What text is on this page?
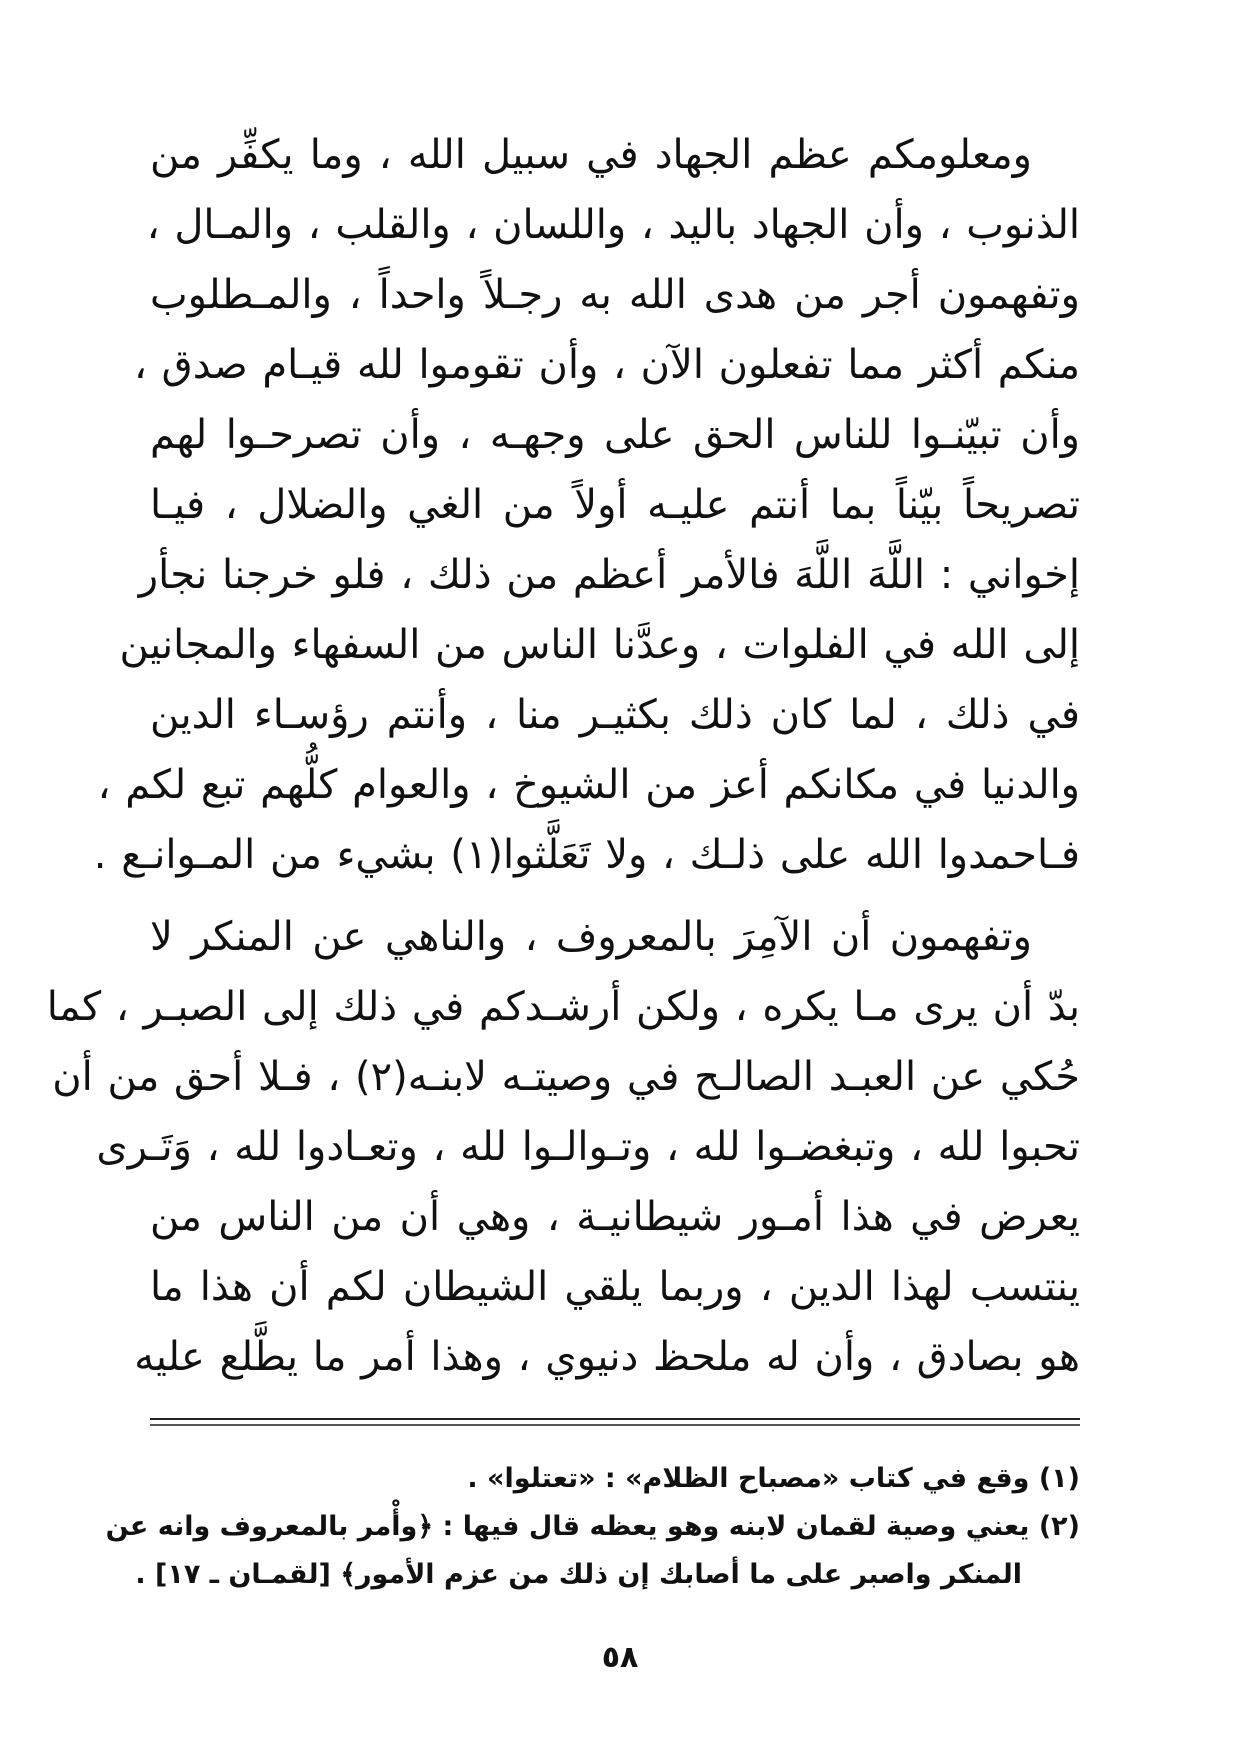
ومعلومكم عظم الجهاد في سبيل الله ، وما يكفِّر من
الذنوب ، وأن الجهاد باليد ، واللسان ، والقلب ، والمـال ،
وتفهمون أجر من هدى الله به رجـلاً واحداً ، والمـطلوب
منكم أكثر مما تفعلون الآن ، وأن تقوموا لله قيـام صدق ،
وأن تبيّنـوا للناس الحق على وجهـه ، وأن تصرحـوا لهم
تصريحاً بيّناً بما أنتم عليـه أولاً من الغي والضلال ، فيـا
إخواني : اللَّهَ اللَّهَ فالأمر أعظم من ذلك ، فلو خرجنا نجأر
إلى الله في الفلوات ، وعدَّنا الناس من السفهاء والمجانين
في ذلك ، لما كان ذلك بكثيـر منا ، وأنتم رؤسـاء الدين
والدنيا في مكانكم أعز من الشيوخ ، والعوام كلُّهم تبع لكم ،
فـاحمدوا الله على ذلـك ، ولا تَعَلَّثوا(١) بشيء من المـوانـع .
وتفهمون أن الآمِرَ بالمعروف ، والناهي عن المنكر لا
بدّ أن يرى مـا يكره ، ولكن أرشـدكم في ذلك إلى الصبـر ، كما
حُكي عن العبـد الصالـح في وصيتـه لابنـه(٢) ، فـلا أحق من أن
تحبوا لله ، وتبغضـوا لله ، وتـوالـوا لله ، وتعـادوا لله ، وَتَـرى
يعرض في هذا أمـور شيطانيـة ، وهي أن من الناس من
ينتسب لهذا الدين ، وربما يلقي الشيطان لكم أن هذا ما
هو بصادق ، وأن له ملحظ دنيوي ، وهذا أمر ما يطَّلع عليه
(١) وقع في كتاب «مصباح الظلام» : «تعتلوا» .
(٢) يعني وصية لقمان لابنه وهو يعظه قال فيها : ﴿وأْمر بالمعروف وانه عن
المنكر واصبر على ما أصابك إن ذلك من عزم الأمور﴾ [لقمـان ـ ١٧] .
٥٨
